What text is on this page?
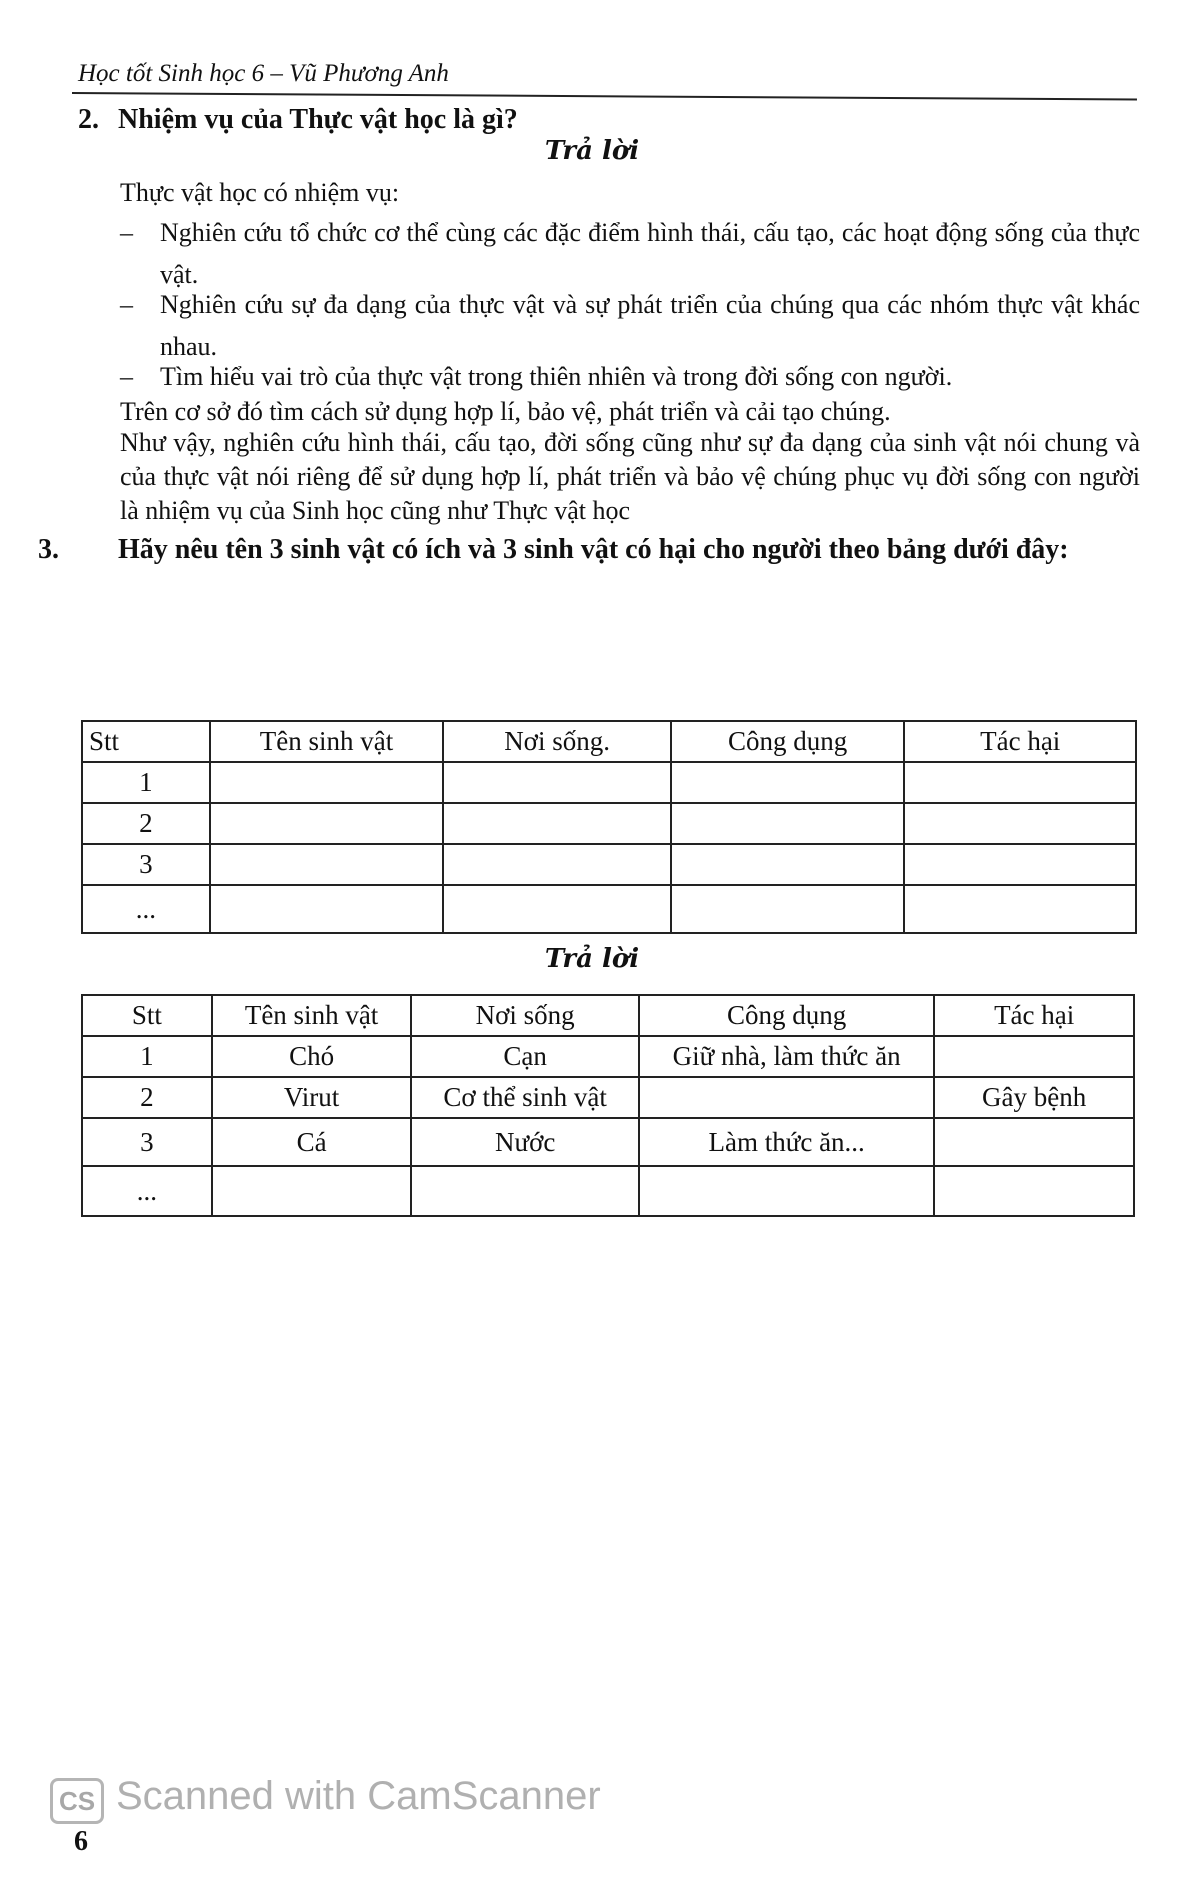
Học tốt Sinh học 6 – Vũ Phương Anh
2. Nhiệm vụ của Thực vật học là gì?
Trả lời
Thực vật học có nhiệm vụ:
–	Nghiên cứu tổ chức cơ thể cùng các đặc điểm hình thái, cấu tạo, các hoạt động sống của thực vật.
–	Nghiên cứu sự đa dạng của thực vật và sự phát triển của chúng qua các nhóm thực vật khác nhau.
–	Tìm hiểu vai trò của thực vật trong thiên nhiên và trong đời sống con người.
Trên cơ sở đó tìm cách sử dụng hợp lí, bảo vệ, phát triển và cải tạo chúng.
Như vậy, nghiên cứu hình thái, cấu tạo, đời sống cũng như sự đa dạng của sinh vật nói chung và của thực vật nói riêng để sử dụng hợp lí, phát triển và bảo vệ chúng phục vụ đời sống con người là nhiệm vụ của Sinh học cũng như Thực vật học
3. Hãy nêu tên 3 sinh vật có ích và 3 sinh vật có hại cho người theo bảng dưới đây:
Stt	Tên sinh vật	Nơi sống.	Công dụng	Tác hại
1				
2				
3				
...				
Trả lời
Stt	Tên sinh vật	Nơi sống	Công dụng	Tác hại
1	Chó	Cạn	Giữ nhà, làm thức ăn	
2	Virut	Cơ thể sinh vật		Gây bệnh
3	Cá	Nước	Làm thức ăn...	
...				
CS Scanned with CamScanner
6
